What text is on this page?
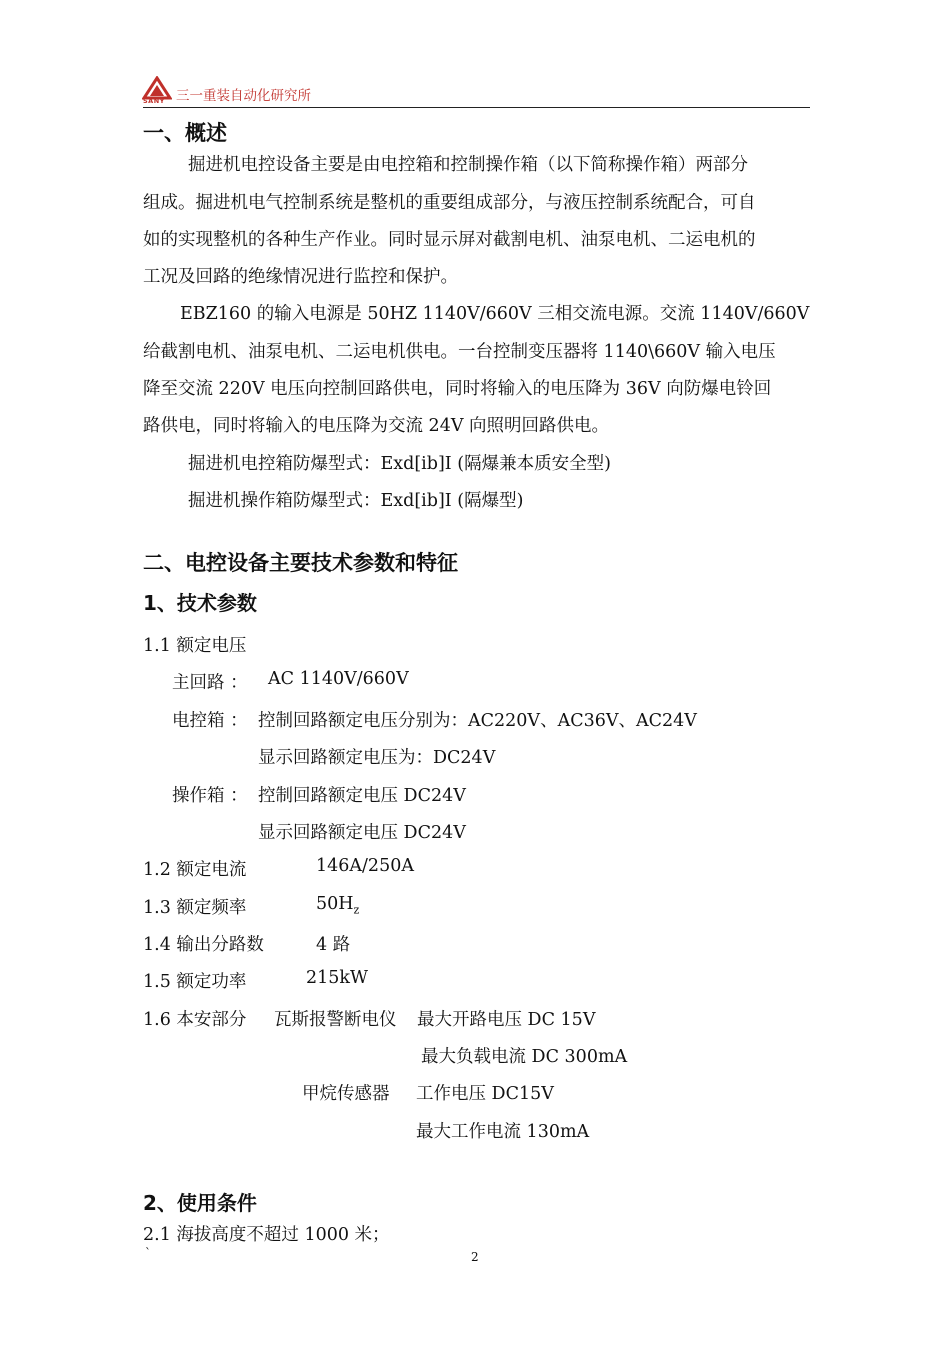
SANY 三一重装自动化研究所
一、概述
掘进机电控设备主要是由电控箱和控制操作箱（以下简称操作箱）两部分
组成。掘进机电气控制系统是整机的重要组成部分，与液压控制系统配合，可自
如的实现整机的各种生产作业。同时显示屏对截割电机、油泵电机、二运电机的
工况及回路的绝缘情况进行监控和保护。
EBZ160 的输入电源是 50HZ 1140V/660V 三相交流电源。交流 1140V/660V
给截割电机、油泵电机、二运电机供电。一台控制变压器将 1140\660V 输入电压
降至交流 220V 电压向控制回路供电，同时将输入的电压降为 36V 向防爆电铃回
路供电，同时将输入的电压降为交流 24V 向照明回路供电。
掘进机电控箱防爆型式：Exd[ib]I (隔爆兼本质安全型)
掘进机操作箱防爆型式：Exd[ib]I (隔爆型)
二、电控设备主要技术参数和特征
1、技术参数
1.1 额定电压
主回路 ： AC 1140V/660V
电控箱 ： 控制回路额定电压分别为：AC220V、AC36V、AC24V
显示回路额定电压为：DC24V
操作箱 ： 控制回路额定电压 DC24V
显示回路额定电压 DC24V
1.2 额定电流	146A/250A
1.3 额定频率	$50H_z$
1.4 输出分路数	4 路
1.5 额定功率	215kW
1.6 本安部分 瓦斯报警断电仪 最大开路电压 DC 15V
最大负载电流 DC 300mA
甲烷传感器 工作电压 DC15V
最大工作电流 130mA
2、使用条件
2.1 海拔高度不超过 1000 米；
`	2
